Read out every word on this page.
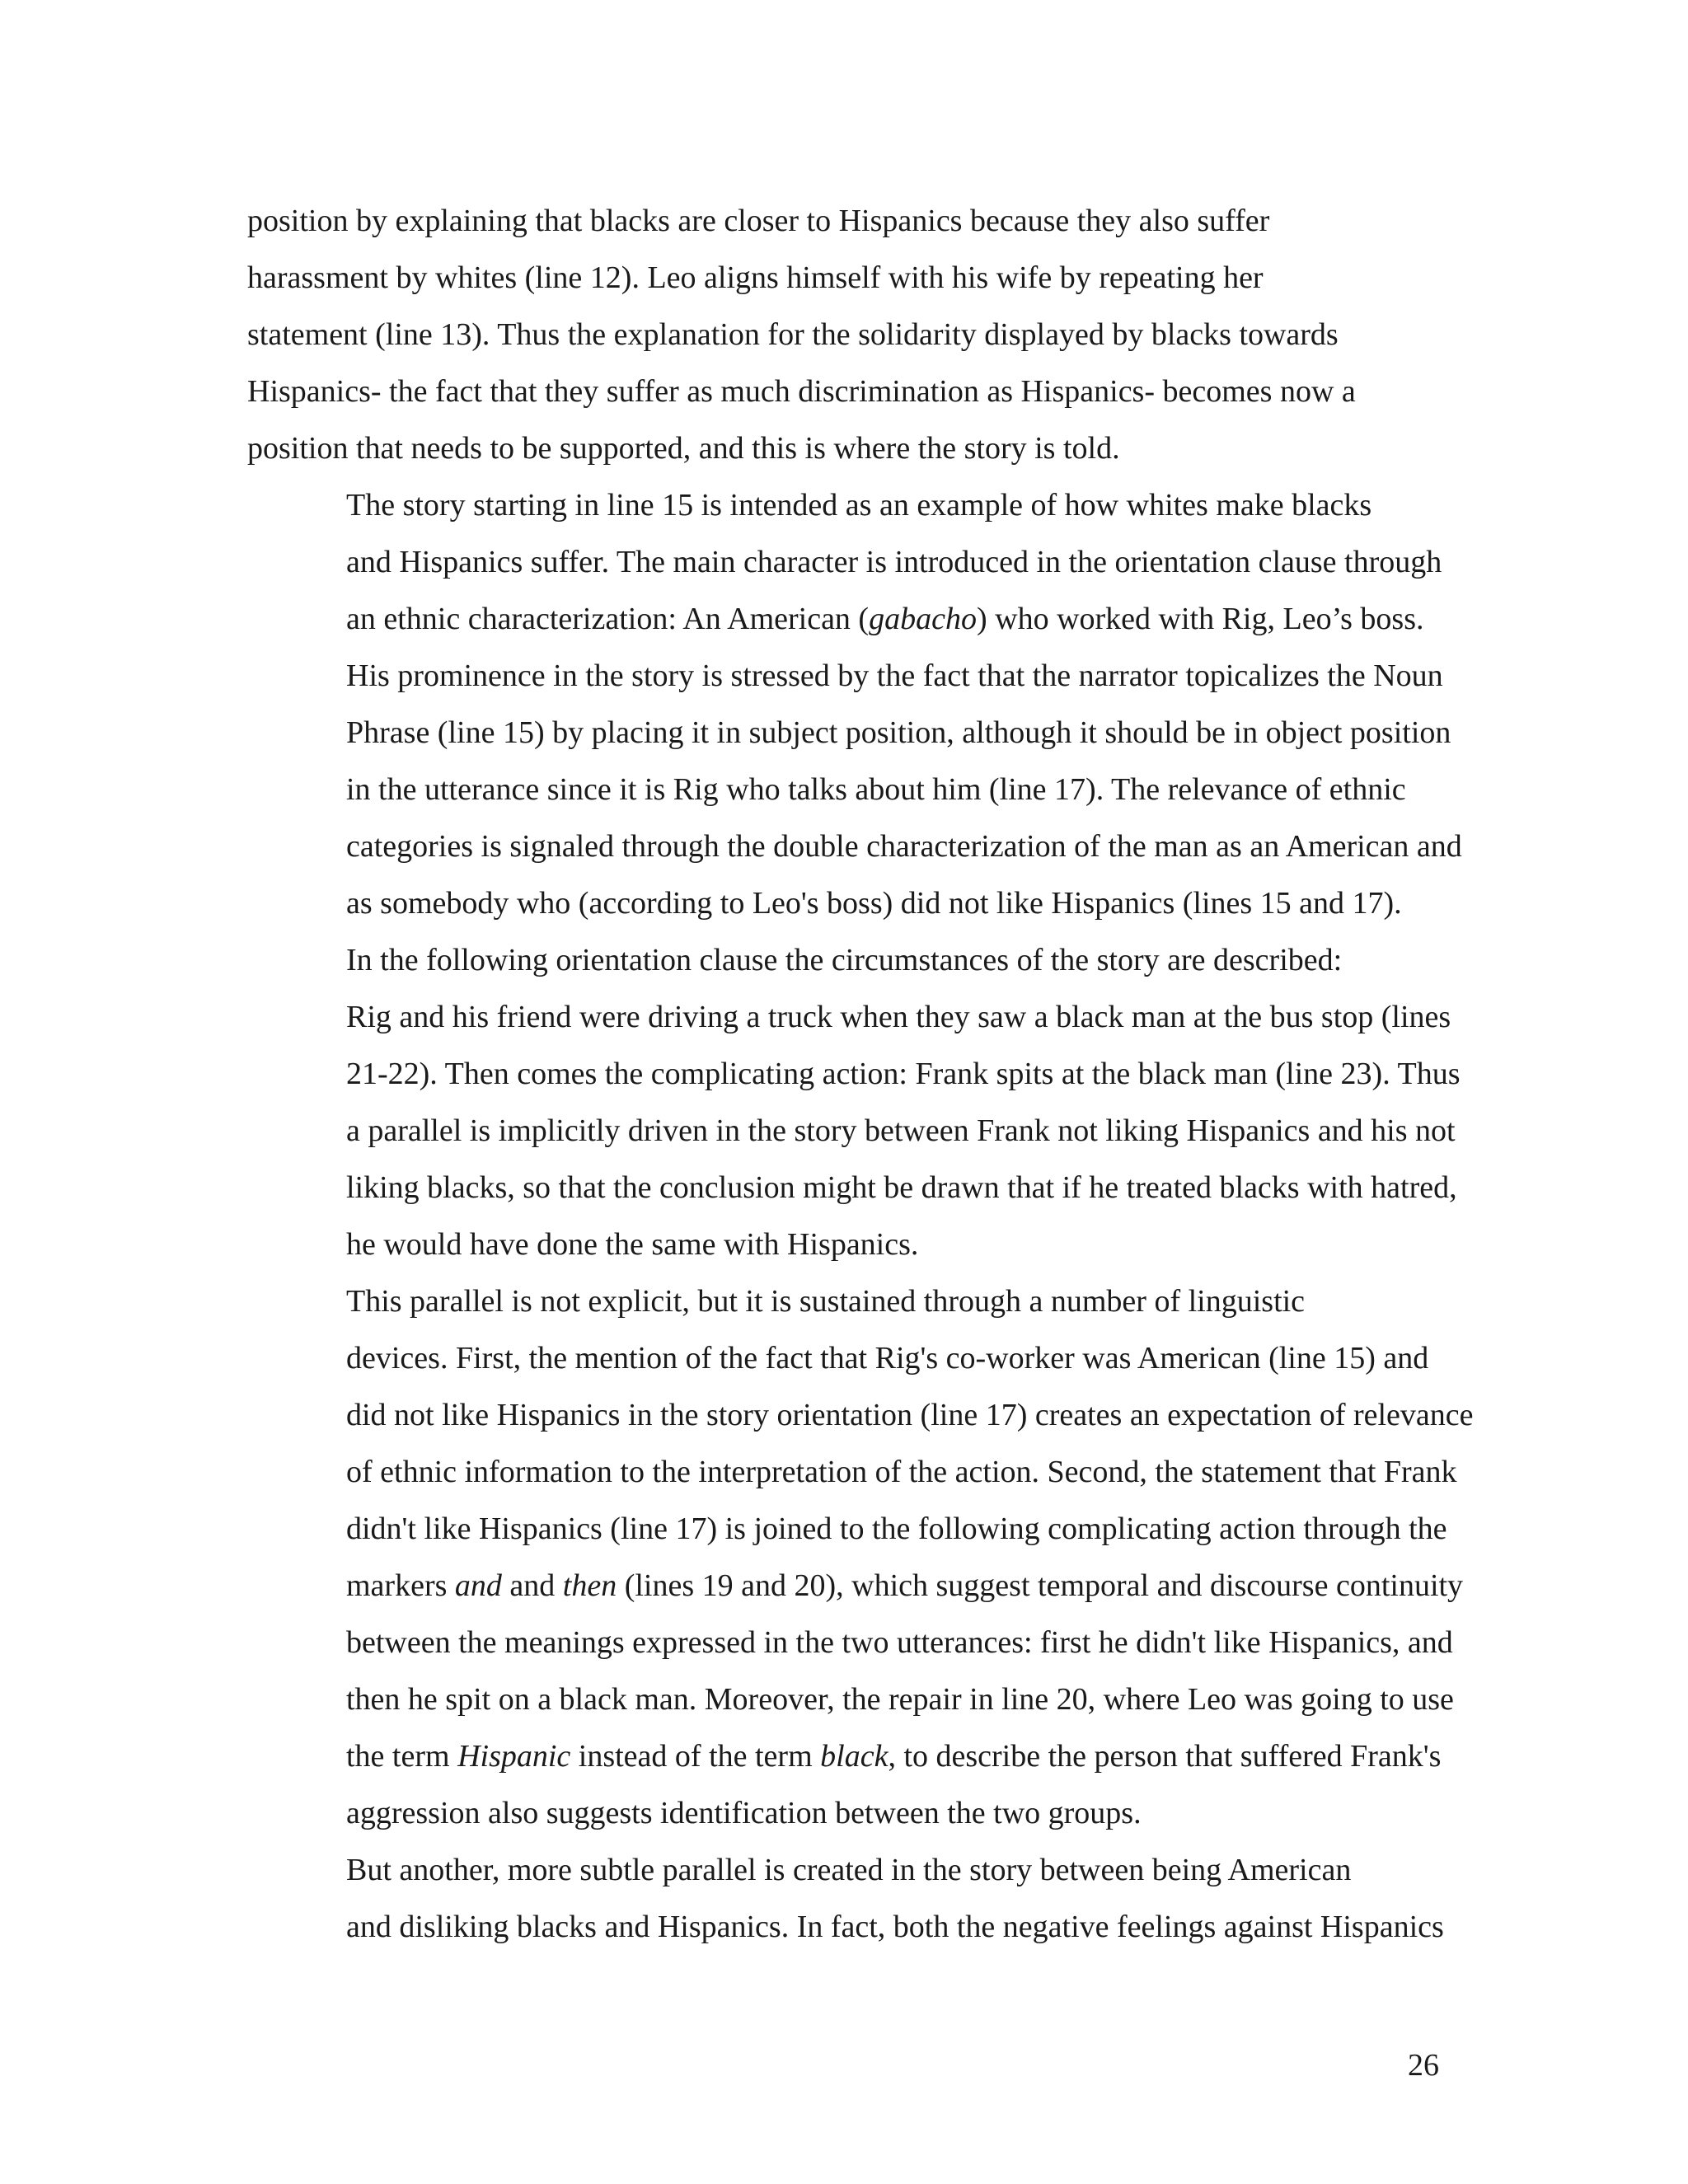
position by explaining that blacks are closer to Hispanics because they also suffer
harassment by whites (line 12). Leo aligns himself with his wife by repeating her
statement (line 13). Thus the explanation for the solidarity displayed by blacks towards
Hispanics- the fact that they suffer as much discrimination as Hispanics- becomes now a
position that needs to be supported, and this is where the story is told.

The story starting in line 15 is intended as an example of how whites make blacks
and Hispanics suffer. The main character is introduced in the orientation clause through
an ethnic characterization: An American (gabacho) who worked with Rig, Leo’s boss.
His prominence in the story is stressed by the fact that the narrator topicalizes the Noun
Phrase (line 15) by placing it in subject position, although it should be in object position
in the utterance since it is Rig who talks about him (line 17). The relevance of ethnic
categories is signaled through the double characterization of the man as an American and
as somebody who (according to Leo's boss) did not like Hispanics (lines 15 and 17).

In the following orientation clause the circumstances of the story are described:
Rig and his friend were driving a truck when they saw a black man at the bus stop (lines
21-22). Then comes the complicating action: Frank spits at the black man (line 23). Thus
a parallel is implicitly driven in the story between Frank not liking Hispanics and his not
liking blacks, so that the conclusion might be drawn that if he treated blacks with hatred,
he would have done the same with Hispanics.

This parallel is not explicit, but it is sustained through a number of linguistic
devices. First, the mention of the fact that Rig's co-worker was American (line 15) and
did not like Hispanics in the story orientation (line 17) creates an expectation of relevance
of ethnic information to the interpretation of the action. Second, the statement that Frank
didn't like Hispanics (line 17) is joined to the following complicating action through the
markers and and then (lines 19 and 20), which suggest temporal and discourse continuity
between the meanings expressed in the two utterances: first he didn't like Hispanics, and
then he spit on a black man. Moreover, the repair in line 20, where Leo was going to use
the term Hispanic instead of the term black, to describe the person that suffered Frank's
aggression also suggests identification between the two groups.

But another, more subtle parallel is created in the story between being American
and disliking blacks and Hispanics. In fact, both the negative feelings against Hispanics

26
